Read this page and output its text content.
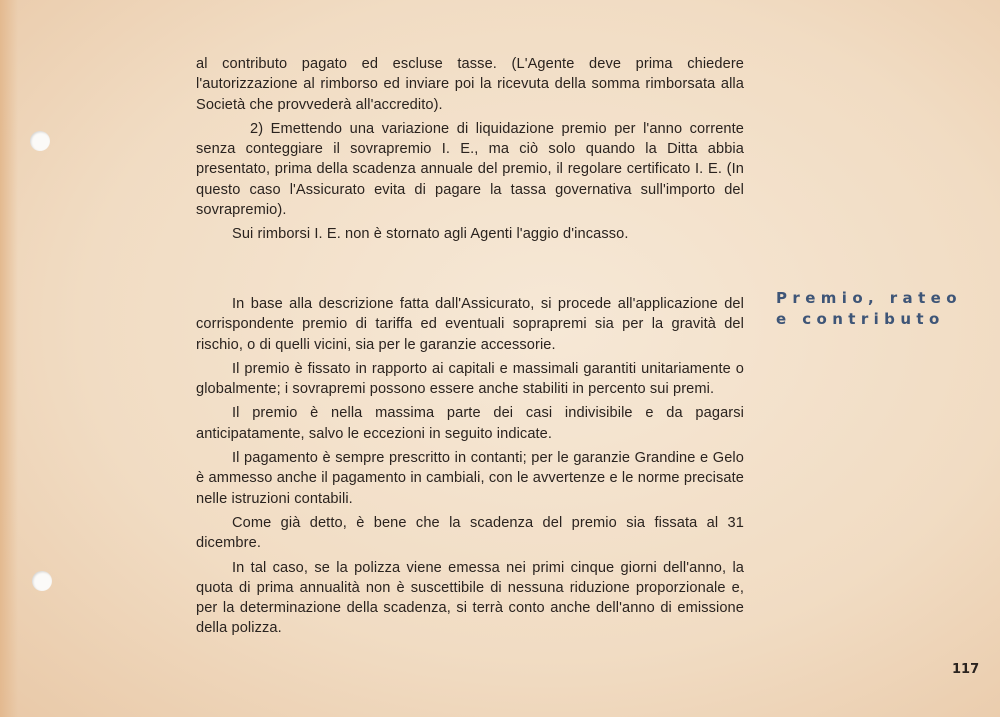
al contributo pagato ed escluse tasse. (L'Agente deve prima chiedere l'autorizzazione al rimborso ed inviare poi la ricevuta della somma rimborsata alla Società che provvederà all'accredito).

2) Emettendo una variazione di liquidazione premio per l'anno corrente senza conteggiare il sovrapremio I. E., ma ciò solo quando la Ditta abbia presentato, prima della scadenza annuale del premio, il regolare certificato I. E. (In questo caso l'Assicurato evita di pagare la tassa governativa sull'importo del sovrapremio).

Sui rimborsi I. E. non è stornato agli Agenti l'aggio d'incasso.

Premio, rateo
e contributo

In base alla descrizione fatta dall'Assicurato, si procede all'applicazione del corrispondente premio di tariffa ed eventuali soprapremi sia per la gravità del rischio, o di quelli vicini, sia per le garanzie accessorie.

Il premio è fissato in rapporto ai capitali e massimali garantiti unitariamente o globalmente; i sovrapremi possono essere anche stabiliti in percento sui premi.

Il premio è nella massima parte dei casi indivisibile e da pagarsi anticipatamente, salvo le eccezioni in seguito indicate.

Il pagamento è sempre prescritto in contanti; per le garanzie Grandine e Gelo è ammesso anche il pagamento in cambiali, con le avvertenze e le norme precisate nelle istruzioni contabili.

Come già detto, è bene che la scadenza del premio sia fissata al 31 dicembre.

In tal caso, se la polizza viene emessa nei primi cinque giorni dell'anno, la quota di prima annualità non è suscettibile di nessuna riduzione proporzionale e, per la determinazione della scadenza, si terrà conto anche dell'anno di emissione della polizza.

117
